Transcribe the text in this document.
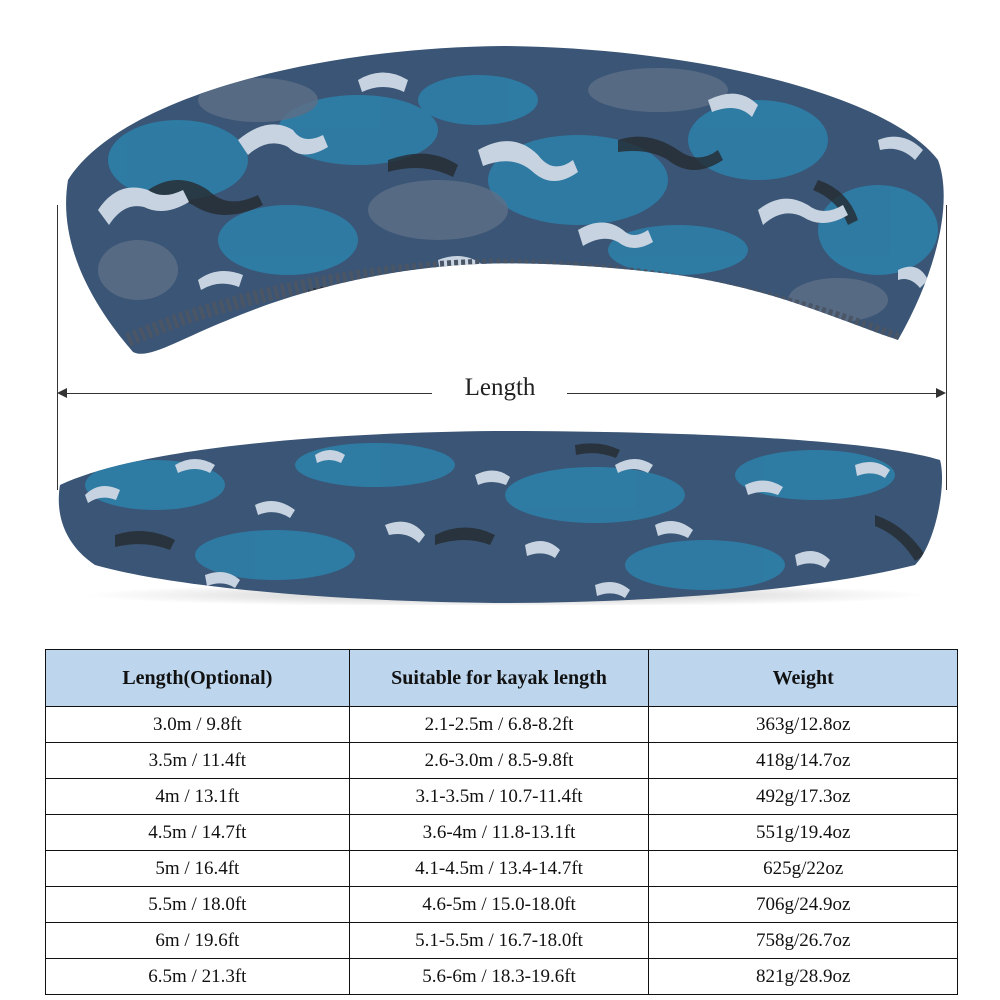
Length
Length(Optional)	Suitable for kayak length	Weight
3.0m / 9.8ft	2.1-2.5m / 6.8-8.2ft	363g/12.8oz
3.5m / 11.4ft	2.6-3.0m / 8.5-9.8ft	418g/14.7oz
4m / 13.1ft	3.1-3.5m / 10.7-11.4ft	492g/17.3oz
4.5m / 14.7ft	3.6-4m / 11.8-13.1ft	551g/19.4oz
5m / 16.4ft	4.1-4.5m / 13.4-14.7ft	625g/22oz
5.5m / 18.0ft	4.6-5m / 15.0-18.0ft	706g/24.9oz
6m / 19.6ft	5.1-5.5m / 16.7-18.0ft	758g/26.7oz
6.5m / 21.3ft	5.6-6m / 18.3-19.6ft	821g/28.9oz
